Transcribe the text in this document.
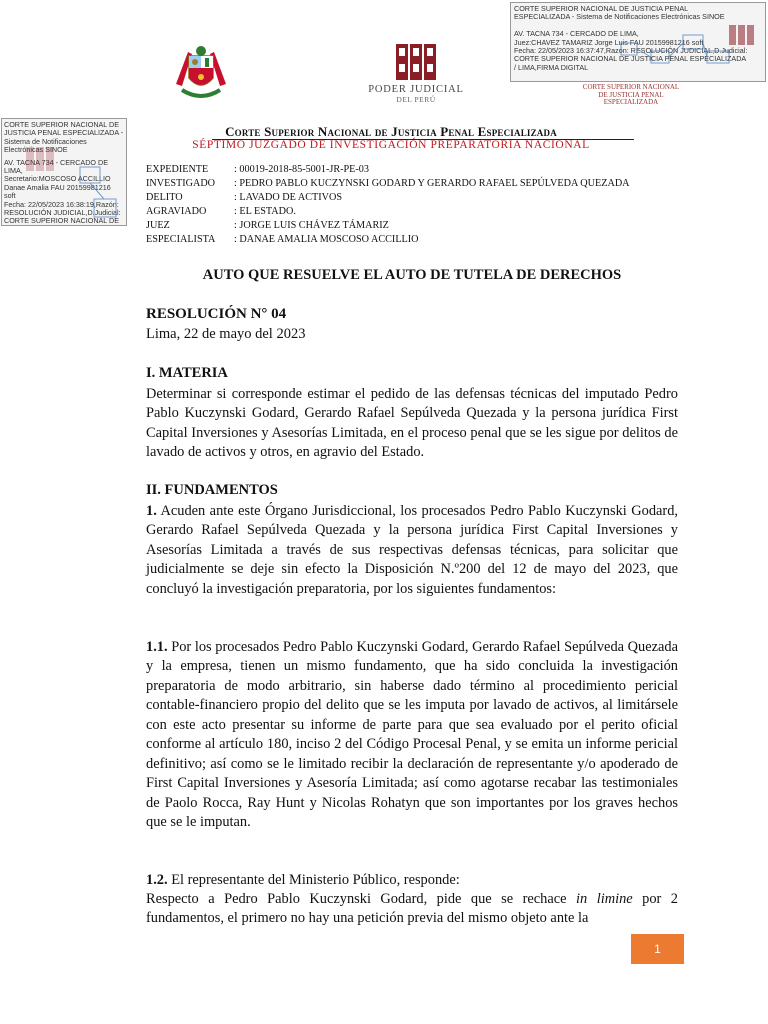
PODER JUDICIAL
DEL PERÚ
CORTE SUPERIOR NACIONAL DE JUSTICIA PENAL
ESPECIALIZADA - Sistema de Notificaciones Electrónicas SINOE

AV. TACNA 734 - CERCADO DE LIMA,
Juez:CHAVEZ TAMARIZ Jorge Luis FAU 20159981216 soft
Fecha: 22/05/2023 16:37:47,Razón: RESOLUCIÓN JUDICIAL,D.Judicial:
CORTE SUPERIOR NACIONAL DE JUSTICIA PENAL ESPECIALIZADA
/ LIMA,FIRMA DIGITAL
CORTE SUPERIOR NACIONAL
DE JUSTICIA PENAL ESPECIALIZADA
CORTE SUPERIOR NACIONAL DE JUSTICIA PENAL ESPECIALIZADA - Sistema de Notificaciones Electrónicas SINOE
AV. TACNA 734 - CERCADO DE LIMA,
Secretario:MOSCOSO ACCILLIO Danae Amalia FAU 20159981216 soft
Fecha: 22/05/2023 16:38:19,Razón: RESOLUCIÓN JUDICIAL,D.Judicial: CORTE SUPERIOR NACIONAL DE
Corte Superior Nacional de Justicia Penal Especializada
SÉPTIMO JUZGADO DE INVESTIGACIÓN PREPARATORIA NACIONAL
EXPEDIENTE	: 00019-2018-85-5001-JR-PE-03
INVESTIGADO	: PEDRO PABLO KUCZYNSKI GODARD Y GERARDO RAFAEL SEPÚLVEDA QUEZADA
DELITO	: LAVADO DE ACTIVOS
AGRAVIADO	: EL ESTADO.
JUEZ	: JORGE LUIS CHÁVEZ TÁMARIZ
ESPECIALISTA	: DANAE AMALIA MOSCOSO ACCILLIO
AUTO QUE RESUELVE EL AUTO DE TUTELA DE DERECHOS
RESOLUCIÓN N° 04
Lima, 22 de mayo del 2023
I. MATERIA
Determinar si corresponde estimar el pedido de las defensas técnicas del imputado Pedro Pablo Kuczynski Godard, Gerardo Rafael Sepúlveda Quezada y la persona jurídica First Capital Inversiones y Asesorías Limitada, en el proceso penal que se les sigue por delitos de lavado de activos y otros, en agravio del Estado.
II. FUNDAMENTOS
1. Acuden ante este Órgano Jurisdiccional, los procesados Pedro Pablo Kuczynski Godard, Gerardo Rafael Sepúlveda Quezada y la persona jurídica First Capital Inversiones y Asesorías Limitada a través de sus respectivas defensas técnicas, para solicitar que judicialmente se deje sin efecto la Disposición N.º200 del 12 de mayo del 2023, que concluyó la investigación preparatoria, por los siguientes fundamentos:
1.1. Por los procesados Pedro Pablo Kuczynski Godard, Gerardo Rafael Sepúlveda Quezada y la empresa, tienen un mismo fundamento, que ha sido concluida la investigación preparatoria de modo arbitrario, sin haberse dado término al procedimiento pericial contable-financiero propio del delito que se les imputa por lavado de activos, al limitársele con este acto presentar su informe de parte para que sea evaluado por el perito oficial conforme al artículo 180, inciso 2 del Código Procesal Penal, y se emita un informe pericial definitivo; así como se le limitado recibir la declaración de representante y/o apoderado de First Capital Inversiones y Asesoría Limitada; así como agotarse recabar las testimoniales de Paolo Rocca, Ray Hunt y Nicolas Rohatyn que son importantes por los graves hechos que se le imputan.
1.2. El representante del Ministerio Público, responde:
Respecto a Pedro Pablo Kuczynski Godard, pide que se rechace in limine por 2 fundamentos, el primero no hay una petición previa del mismo objeto ante la
1
